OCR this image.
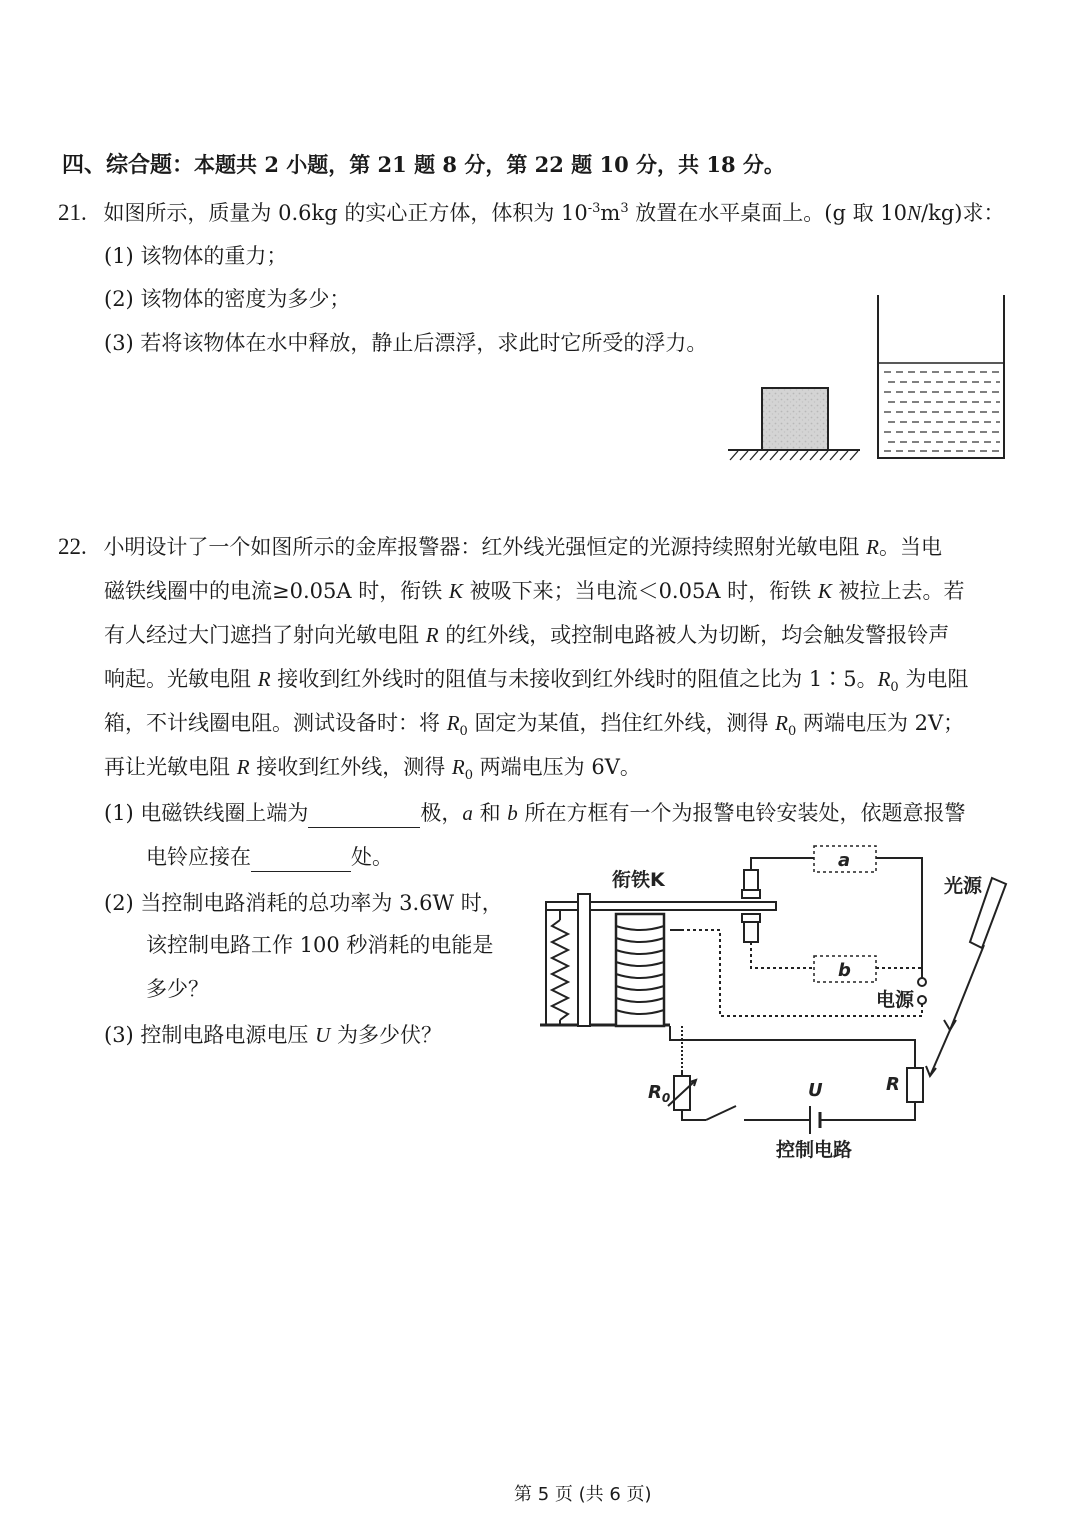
四、综合题：本题共 2 小题，第 21 题 8 分，第 22 题 10 分，共 18 分。
21. 如图所示，质量为 0.6kg 的实心正方体，体积为 $10^{-3}m^3$ 放置在水平桌面上。(g 取 10N/kg)求：
(1) 该物体的重力；
(2) 该物体的密度为多少；
(3) 若将该物体在水中释放，静止后漂浮，求此时它所受的浮力。
22. 小明设计了一个如图所示的金库报警器：红外线光强恒定的光源持续照射光敏电阻 R。当电
磁铁线圈中的电流≥0.05A 时，衔铁 K 被吸下来；当电流＜0.05A 时，衔铁 K 被拉上去。若
有人经过大门遮挡了射向光敏电阻 R 的红外线，或控制电路被人为切断，均会触发警报铃声
响起。光敏电阻 R 接收到红外线时的阻值与未接收到红外线时的阻值之比为 1∶5。$R_0$ 为电阻
箱，不计线圈电阻。测试设备时：将 $R_0$ 固定为某值，挡住红外线，测得 $R_0$ 两端电压为 2V；
再让光敏电阻 R 接收到红外线，测得 $R_0$ 两端电压为 6V。
(1) 电磁铁线圈上端为	极，a 和 b 所在方框有一个为报警电铃安装处，依题意报警
电铃应接在	处。
(2) 当控制电路消耗的总功率为 3.6W 时，
该控制电路工作 100 秒消耗的电能是
多少？
(3) 控制电路电源电压 U 为多少伏？
a
b
衔铁K	光源
电源
$R_0$	U	R
控制电路
第 5 页 (共 6 页)
